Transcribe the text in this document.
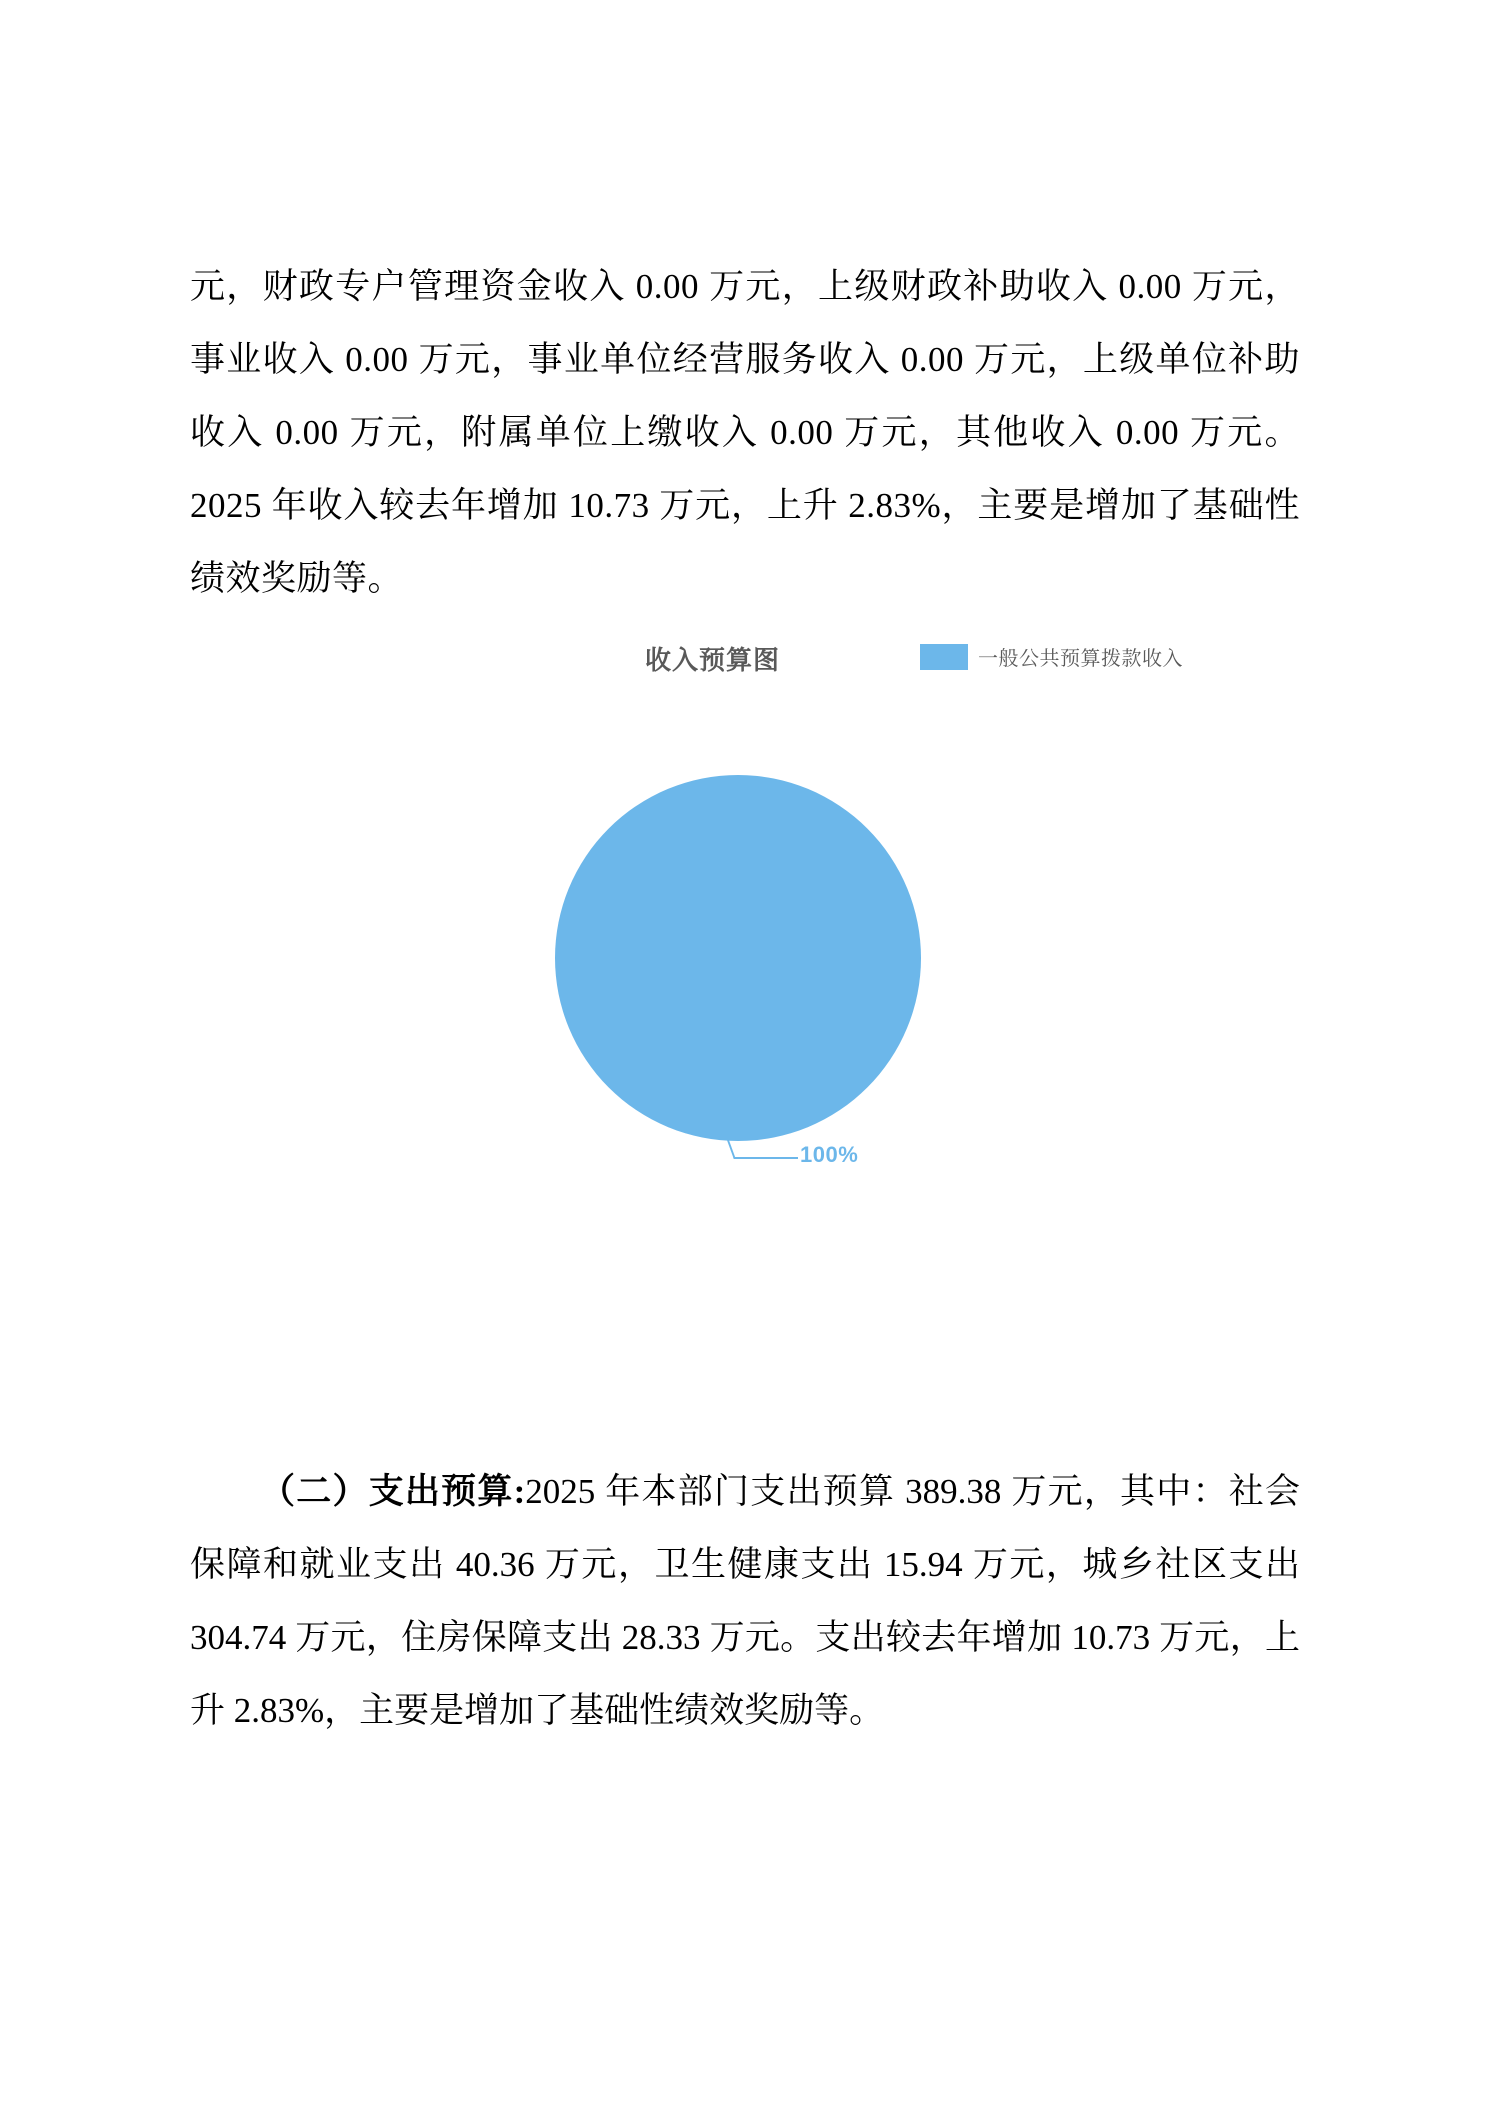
元，财政专户管理资金收入 0.00 万元，上级财政补助收入 0.00 万元，事业收入 0.00 万元，事业单位经营服务收入 0.00 万元，上级单位补助收入 0.00 万元，附属单位上缴收入 0.00 万元，其他收入 0.00 万元。2025 年收入较去年增加 10.73 万元，上升 2.83%，主要是增加了基础性绩效奖励等。

收入预算图	一般公共预算拨款收入
100%

（二）支出预算:2025 年本部门支出预算 389.38 万元，其中：社会保障和就业支出 40.36 万元，卫生健康支出 15.94 万元，城乡社区支出 304.74 万元，住房保障支出 28.33 万元。支出较去年增加 10.73 万元，上升 2.83%，主要是增加了基础性绩效奖励等。
